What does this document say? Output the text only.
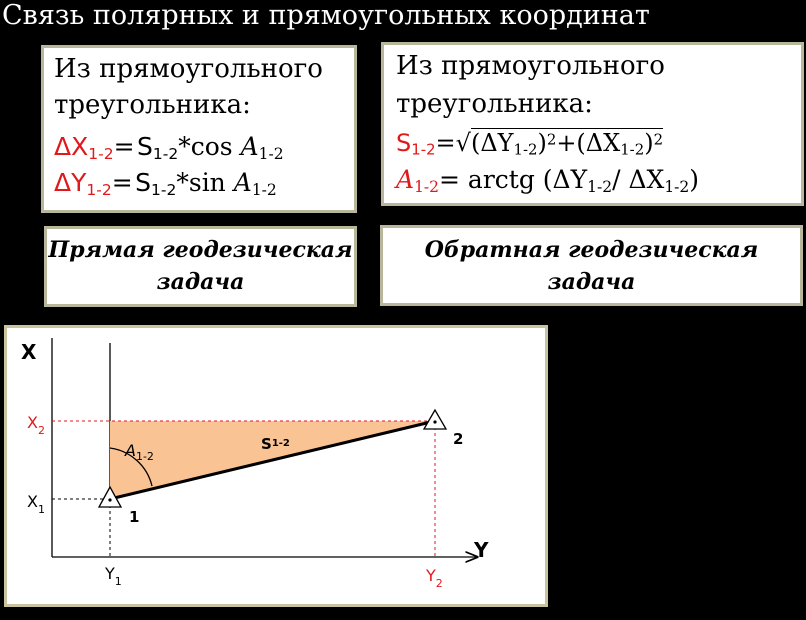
Связь полярных и прямоугольных координат
Из прямоугольного
треугольника:
$\Delta X_{1-2}=$  $S_{1-2}*\cos$ $A_{1-2}$
$\Delta Y_{1-2}=$  $S_{1-2}*\sin$ $A_{1-2}$
Из прямоугольного
треугольника:
$S_{1-2}=√(\Delta Y_{1-2})^2+(\Delta X_{1-2})^2$
$A_{1-2}=$ arctg ($\Delta Y_{1-2}/$ $\Delta X_{1-2}$)
Прямая геодезическая
задача
Обратная геодезическая
задача
X
Y
$X_2$
$X_1$
$Y_1$	$Y_2$
$A_{1-2}$
$S^{1-2}$
1
2
